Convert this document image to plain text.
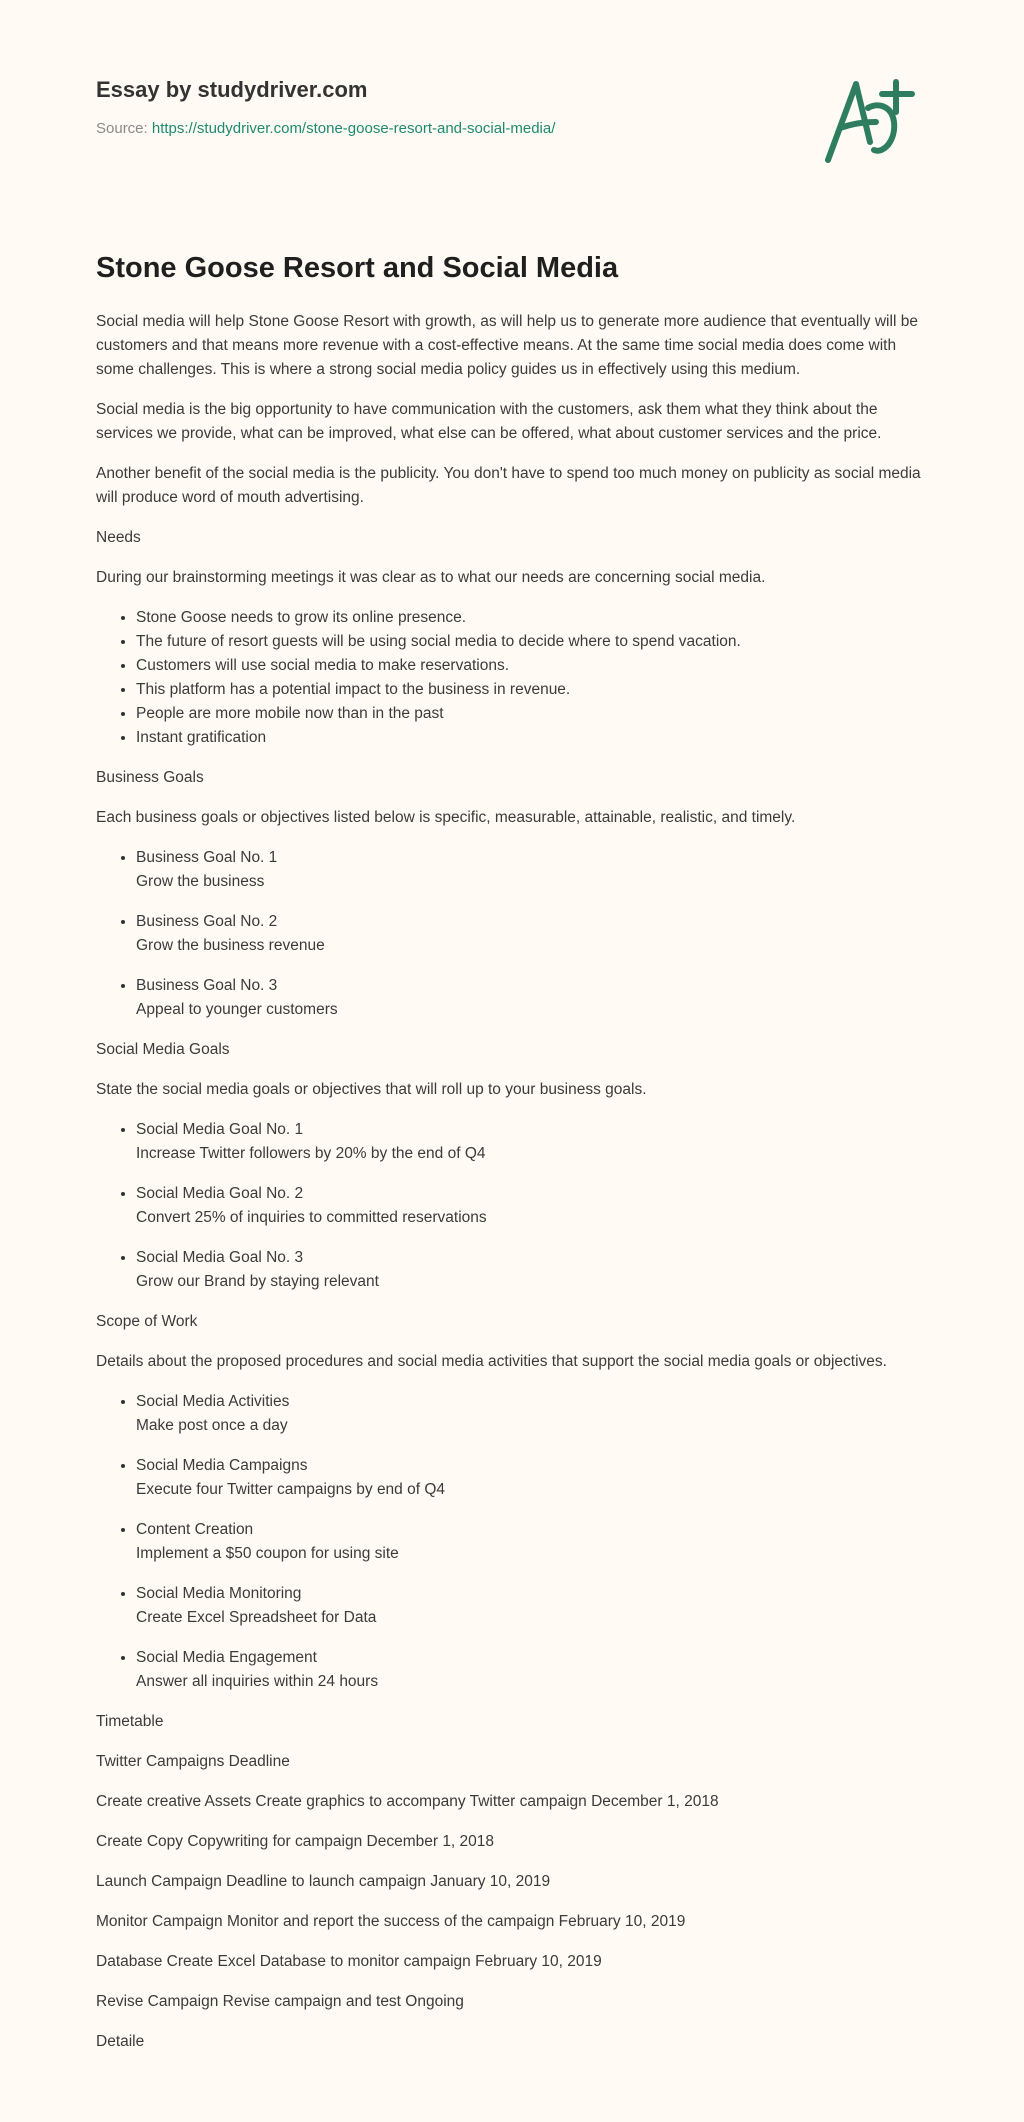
Essay by studydriver.com
Source: https://studydriver.com/stone-goose-resort-and-social-media/
Stone Goose Resort and Social Media

Social media will help Stone Goose Resort with growth, as will help us to generate more audience that eventually will be customers and that means more revenue with a cost-effective means. At the same time social media does come with some challenges. This is where a strong social media policy guides us in effectively using this medium.

Social media is the big opportunity to have communication with the customers, ask them what they think about the services we provide, what can be improved, what else can be offered, what about customer services and the price.

Another benefit of the social media is the publicity. You don't have to spend too much money on publicity as social media will produce word of mouth advertising.

Needs

During our brainstorming meetings it was clear as to what our needs are concerning social media.

• Stone Goose needs to grow its online presence.
• The future of resort guests will be using social media to decide where to spend vacation.
• Customers will use social media to make reservations.
• This platform has a potential impact to the business in revenue.
• People are more mobile now than in the past
• Instant gratification

Business Goals

Each business goals or objectives listed below is specific, measurable, attainable, realistic, and timely.

• Business Goal No. 1
Grow the business
• Business Goal No. 2
Grow the business revenue
• Business Goal No. 3
Appeal to younger customers

Social Media Goals

State the social media goals or objectives that will roll up to your business goals.

• Social Media Goal No. 1
Increase Twitter followers by 20% by the end of Q4
• Social Media Goal No. 2
Convert 25% of inquiries to committed reservations
• Social Media Goal No. 3
Grow our Brand by staying relevant

Scope of Work

Details about the proposed procedures and social media activities that support the social media goals or objectives.

• Social Media Activities
Make post once a day
• Social Media Campaigns
Execute four Twitter campaigns by end of Q4
• Content Creation
Implement a $50 coupon for using site
• Social Media Monitoring
Create Excel Spreadsheet for Data
• Social Media Engagement
Answer all inquiries within 24 hours

Timetable

Twitter Campaigns Deadline

Create creative Assets Create graphics to accompany Twitter campaign December 1, 2018

Create Copy Copywriting for campaign December 1, 2018

Launch Campaign Deadline to launch campaign January 10, 2019

Monitor Campaign Monitor and report the success of the campaign February 10, 2019

Database Create Excel Database to monitor campaign February 10, 2019

Revise Campaign Revise campaign and test Ongoing

Detaile
